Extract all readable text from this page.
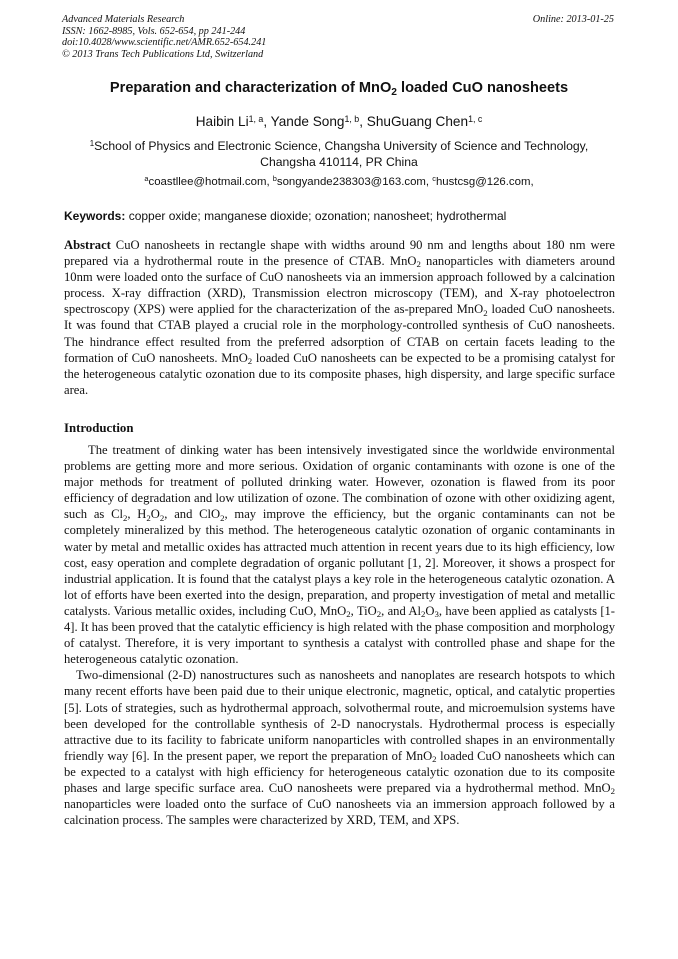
Advanced Materials Research
ISSN: 1662-8985, Vols. 652-654, pp 241-244
doi:10.4028/www.scientific.net/AMR.652-654.241
© 2013 Trans Tech Publications Ltd, Switzerland
Online: 2013-01-25
Preparation and characterization of MnO$_2$ loaded CuO nanosheets
Haibin Li$^{1, a}$, Yande Song$^{1, b}$, ShuGuang Chen$^{1, c}$
$^1$School of Physics and Electronic Science, Changsha University of Science and Technology,
Changsha 410114, PR China
$^a$coastllee@hotmail.com, $^b$songyande238303@163.com, $^c$hustcsg@126.com,
Keywords: copper oxide; manganese dioxide; ozonation; nanosheet; hydrothermal

Abstract CuO nanosheets in rectangle shape with widths around 90 nm and lengths about 180 nm were prepared via a hydrothermal route in the presence of CTAB. MnO$_2$ nanoparticles with diameters around 10nm were loaded onto the surface of CuO nanosheets via an immersion approach followed by a calcination process. X-ray diffraction (XRD), Transmission electron microscopy (TEM), and X-ray photoelectron spectroscopy (XPS) were applied for the characterization of the as-prepared MnO$_2$ loaded CuO nanosheets. It was found that CTAB played a crucial role in the morphology-controlled synthesis of CuO nanosheets. The hindrance effect resulted from the preferred adsorption of CTAB on certain facets leading to the formation of CuO nanosheets. MnO$_2$ loaded CuO nanosheets can be expected to be a promising catalyst for the heterogeneous catalytic ozonation due to its composite phases, high dispersity, and large specific surface area.

Introduction

The treatment of dinking water has been intensively investigated since the worldwide environmental problems are getting more and more serious. Oxidation of organic contaminants with ozone is one of the major methods for treatment of polluted drinking water. However, ozonation is flawed from its poor efficiency of degradation and low utilization of ozone. The combination of ozone with other oxidizing agent, such as $Cl_2$, $H_2O_2$, and ClO$_2$, may improve the efficiency, but the organic contaminants can not be completely mineralized by this method. The heterogeneous catalytic ozonation of organic contaminants in water by metal and metallic oxides has attracted much attention in recent years due to its high efficiency, low cost, easy operation and complete degradation of organic pollutant [1, 2]. Moreover, it shows a prospect for industrial application. It is found that the catalyst plays a key role in the heterogeneous catalytic ozonation. A lot of efforts have been exerted into the design, preparation, and property investigation of metal and metallic catalysts. Various metallic oxides, including CuO, MnO$_2$, TiO$_2$, and $Al_2O_3$, have been applied as catalysts [1-4]. It has been proved that the catalytic efficiency is high related with the phase composition and morphology of catalyst. Therefore, it is very important to synthesis a catalyst with controlled phase and shape for the heterogeneous catalytic ozonation.

Two-dimensional (2-D) nanostructures such as nanosheets and nanoplates are research hotspots to which many recent efforts have been paid due to their unique electronic, magnetic, optical, and catalytic properties [5]. Lots of strategies, such as hydrothermal approach, solvothermal route, and microemulsion systems have been developed for the controllable synthesis of 2-D nanocrystals. Hydrothermal process is especially attractive due to its facility to fabricate uniform nanoparticles with controlled shapes in an environmentally friendly way [6]. In the present paper, we report the preparation of MnO$_2$ loaded CuO nanosheets which can be expected to a catalyst with high efficiency for heterogeneous catalytic ozonation due to its composite phases and large specific surface area. CuO nanosheets were prepared via a hydrothermal method. MnO$_2$ nanoparticles were loaded onto the surface of CuO nanosheets via an immersion approach followed by a calcination process. The samples were characterized by XRD, TEM, and XPS.
